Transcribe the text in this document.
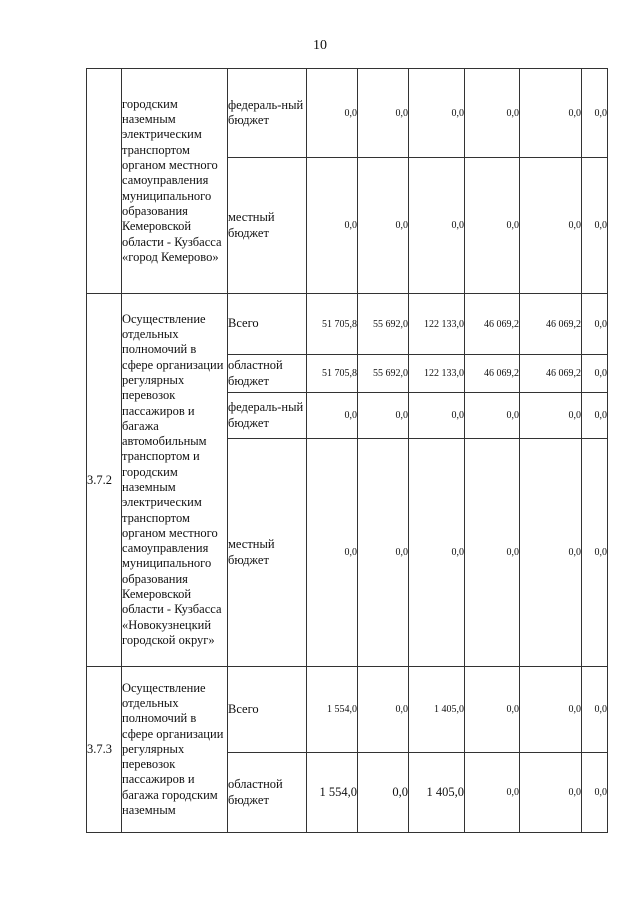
10
	городским наземным электрическим транспортом органом местного самоуправления муниципального образования Кемеровской области - Кузбасса «город Кемерово»	федераль-ный бюджет	0,0	0,0	0,0	0,0	0,0	0,0
		местный бюджет	0,0	0,0	0,0	0,0	0,0	0,0
3.7.2	Осуществление отдельных полномочий в сфере организации регулярных перевозок пассажиров и багажа автомобильным транспортом и городским наземным электрическим транспортом органом местного самоуправления муниципального образования Кемеровской области - Кузбасса «Новокузнецкий городской округ»	Всего	51 705,8	55 692,0	122 133,0	46 069,2	46 069,2	0,0
		областной бюджет	51 705,8	55 692,0	122 133,0	46 069,2	46 069,2	0,0
		федераль-ный бюджет	0,0	0,0	0,0	0,0	0,0	0,0
		местный бюджет	0,0	0,0	0,0	0,0	0,0	0,0
3.7.3	Осуществление отдельных полномочий в сфере организации регулярных перевозок пассажиров и багажа городским наземным	Всего	1 554,0	0,0	1 405,0	0,0	0,0	0,0
		областной бюджет	1 554,0	0,0	1 405,0	0,0	0,0	0,0
